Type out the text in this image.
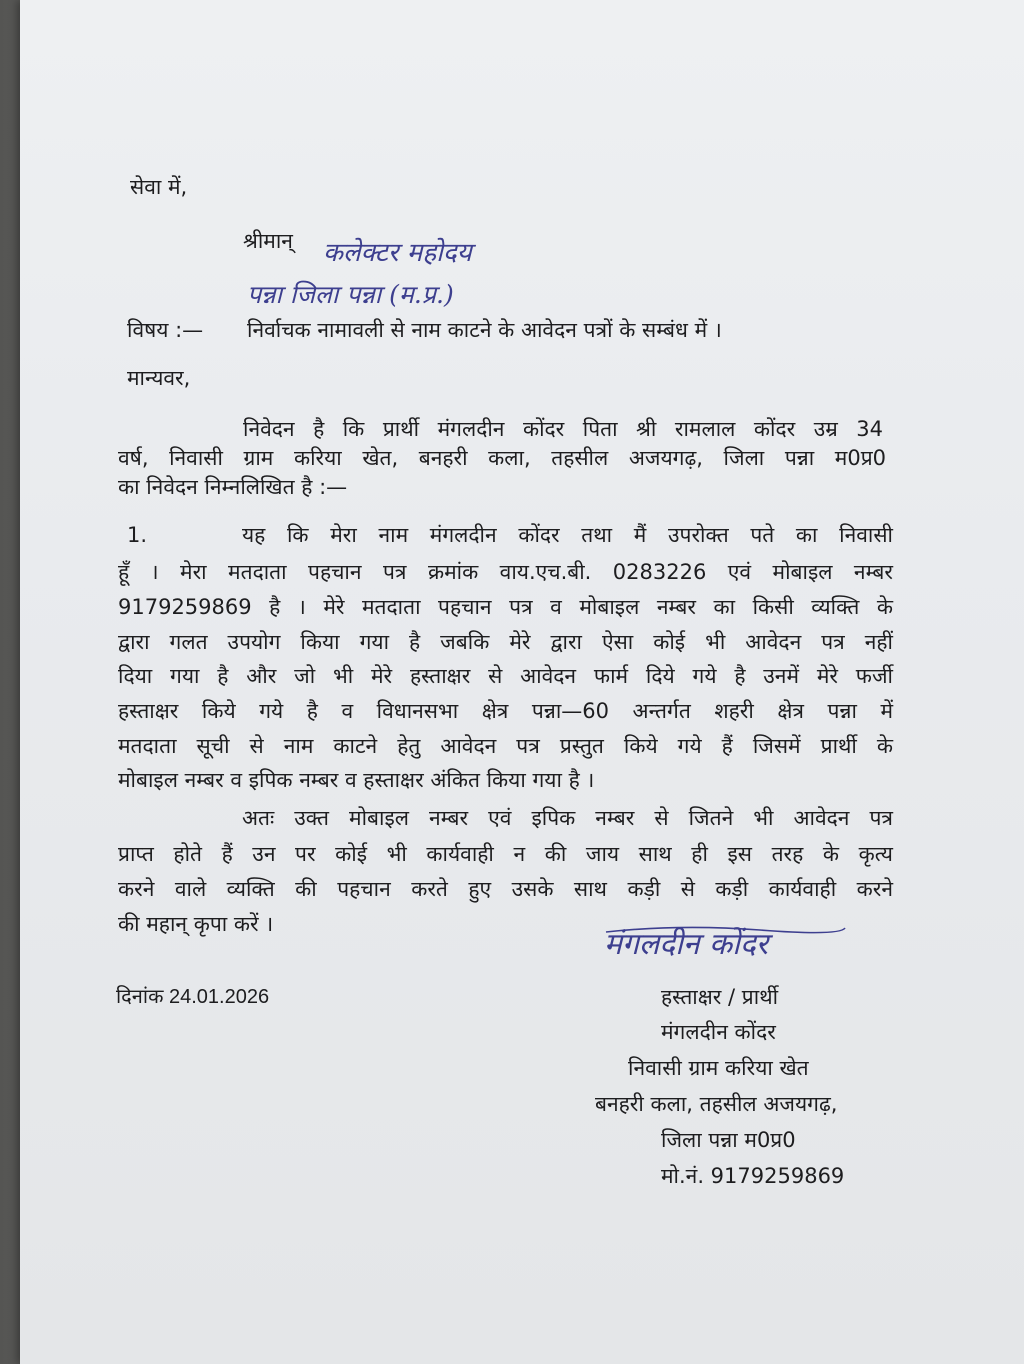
सेवा में,
श्रीमान् कलेक्टर महोदय
पन्ना जिला पन्ना (म.प्र.)
विषय :— निर्वाचक नामावली से नाम काटने के आवेदन पत्रों के सम्बंध में ।
मान्यवर,
निवेदन है कि प्रार्थी मंगलदीन कोंदर पिता श्री रामलाल कोंदर उम्र 34
वर्ष, निवासी ग्राम करिया खेत, बनहरी कला, तहसील अजयगढ़, जिला पन्ना म0प्र0
का निवेदन निम्नलिखित है :—
1.	यह कि मेरा नाम मंगलदीन कोंदर तथा मैं उपरोक्त पते का निवासी
हूँ । मेरा मतदाता पहचान पत्र क्रमांक वाय.एच.बी. 0283226 एवं मोबाइल नम्बर
9179259869 है । मेरे मतदाता पहचान पत्र व मोबाइल नम्बर का किसी व्यक्ति के
द्वारा गलत उपयोग किया गया है जबकि मेरे द्वारा ऐसा कोई भी आवेदन पत्र नहीं
दिया गया है और जो भी मेरे हस्ताक्षर से आवेदन फार्म दिये गये है उनमें मेरे फर्जी
हस्ताक्षर किये गये है व विधानसभा क्षेत्र पन्ना—60 अन्तर्गत शहरी क्षेत्र पन्ना में
मतदाता सूची से नाम काटने हेतु आवेदन पत्र प्रस्तुत किये गये हैं जिसमें प्रार्थी के
मोबाइल नम्बर व इपिक नम्बर व हस्ताक्षर अंकित किया गया है ।
अतः उक्त मोबाइल नम्बर एवं इपिक नम्बर से जितने भी आवेदन पत्र
प्राप्त होते हैं उन पर कोई भी कार्यवाही न की जाय साथ ही इस तरह के कृत्य
करने वाले व्यक्ति की पहचान करते हुए उसके साथ कड़ी से कड़ी कार्यवाही करने
की महान् कृपा करें ।
मंगलदीन कोंदर
दिनांक 24.01.2026	हस्ताक्षर / प्रार्थी
मंगलदीन कोंदर
निवासी ग्राम करिया खेत
बनहरी कला, तहसील अजयगढ़,
जिला पन्ना म0प्र0
मो.नं. 9179259869
